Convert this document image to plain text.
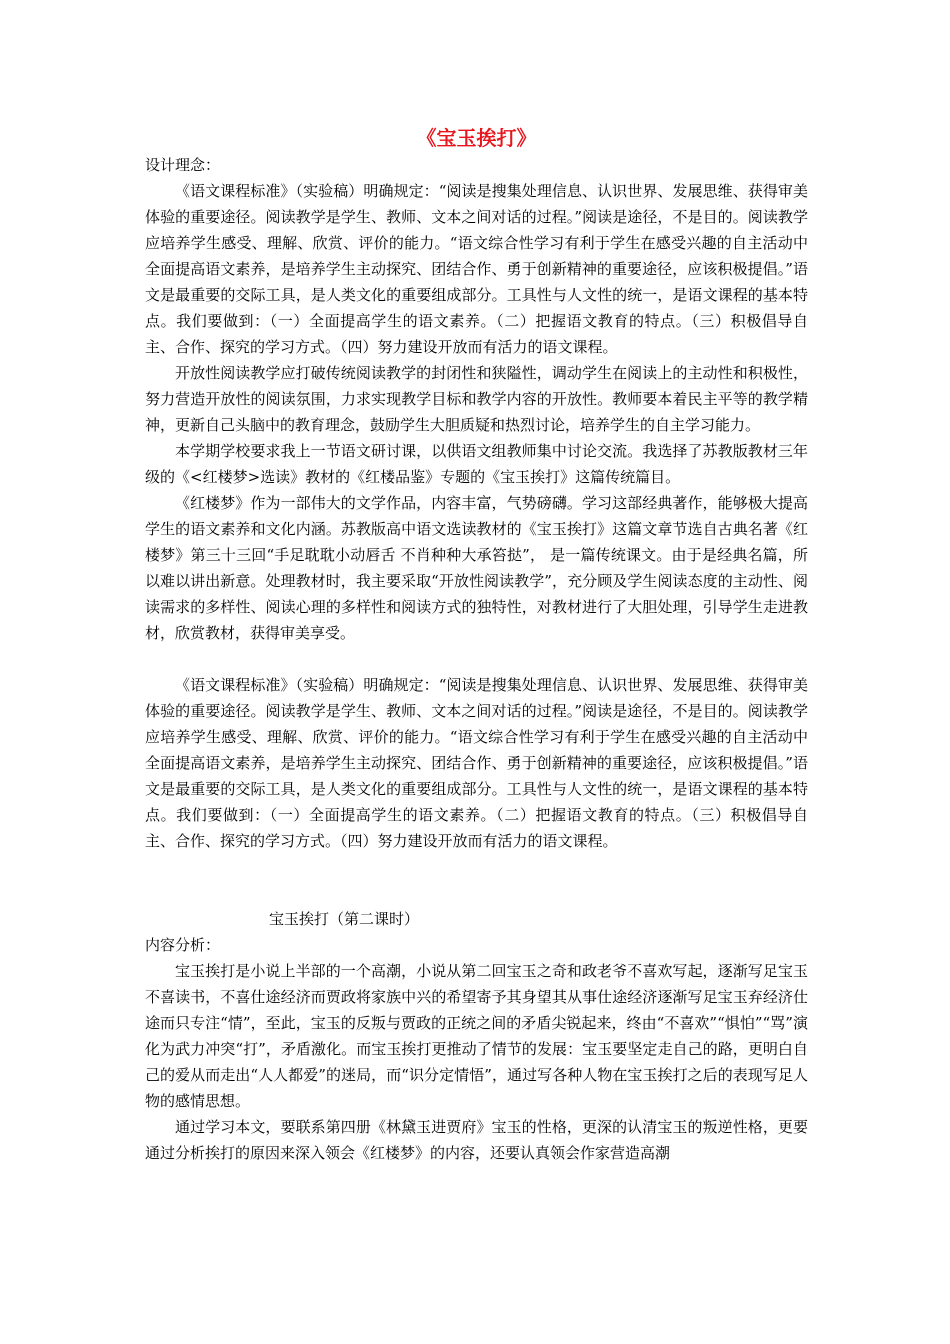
《宝玉挨打》

设计理念：

《语文课程标准》（实验稿）明确规定：“阅读是搜集处理信息、认识世界、发展思维、获得审美体验的重要途径。阅读教学是学生、教师、文本之间对话的过程。”阅读是途径，不是目的。阅读教学应培养学生感受、理解、欣赏、评价的能力。“语文综合性学习有利于学生在感受兴趣的自主活动中全面提高语文素养，是培养学生主动探究、团结合作、勇于创新精神的重要途径，应该积极提倡。”语文是最重要的交际工具，是人类文化的重要组成部分。工具性与人文性的统一，是语文课程的基本特点。我们要做到：（一）全面提高学生的语文素养。（二）把握语文教育的特点。（三）积极倡导自主、合作、探究的学习方式。（四）努力建设开放而有活力的语文课程。

开放性阅读教学应打破传统阅读教学的封闭性和狭隘性，调动学生在阅读上的主动性和积极性，努力营造开放性的阅读氛围，力求实现教学目标和教学内容的开放性。教师要本着民主平等的教学精神，更新自己头脑中的教育理念，鼓励学生大胆质疑和热烈讨论，培养学生的自主学习能力。

本学期学校要求我上一节语文研讨课，以供语文组教师集中讨论交流。我选择了苏教版教材三年级的《<红楼梦>选读》教材的《红楼品鉴》专题的《宝玉挨打》这篇传统篇目。

《红楼梦》作为一部伟大的文学作品，内容丰富，气势磅礴。学习这部经典著作，能够极大提高学生的语文素养和文化内涵。苏教版高中语文选读教材的《宝玉挨打》这篇文章节选自古典名著《红楼梦》第三十三回“手足耽耽小动唇舌 不肖种种大承笞挞”， 是一篇传统课文。由于是经典名篇，所以难以讲出新意。处理教材时，我主要采取“开放性阅读教学”，充分顾及学生阅读态度的主动性、阅读需求的多样性、阅读心理的多样性和阅读方式的独特性，对教材进行了大胆处理，引导学生走进教材，欣赏教材，获得审美享受。

《语文课程标准》（实验稿）明确规定：“阅读是搜集处理信息、认识世界、发展思维、获得审美体验的重要途径。阅读教学是学生、教师、文本之间对话的过程。”阅读是途径，不是目的。阅读教学应培养学生感受、理解、欣赏、评价的能力。“语文综合性学习有利于学生在感受兴趣的自主活动中全面提高语文素养，是培养学生主动探究、团结合作、勇于创新精神的重要途径，应该积极提倡。”语文是最重要的交际工具，是人类文化的重要组成部分。工具性与人文性的统一，是语文课程的基本特点。我们要做到：（一）全面提高学生的语文素养。（二）把握语文教育的特点。（三）积极倡导自主、合作、探究的学习方式。（四）努力建设开放而有活力的语文课程。

宝玉挨打（第二课时）

内容分析：

宝玉挨打是小说上半部的一个高潮，小说从第二回宝玉之奇和政老爷不喜欢写起，逐渐写足宝玉不喜读书，不喜仕途经济而贾政将家族中兴的希望寄予其身望其从事仕途经济逐渐写足宝玉弃经济仕途而只专注“情”，至此，宝玉的反叛与贾政的正统之间的矛盾尖锐起来，终由“不喜欢”“惧怕”“骂”演化为武力冲突“打”，矛盾激化。而宝玉挨打更推动了情节的发展：宝玉要坚定走自己的路，更明白自己的爱从而走出“人人都爱”的迷局，而“识分定情悟”，通过写各种人物在宝玉挨打之后的表现写足人物的感情思想。

通过学习本文，要联系第四册《林黛玉进贾府》宝玉的性格，更深的认清宝玉的叛逆性格，更要通过分析挨打的原因来深入领会《红楼梦》的内容，还要认真领会作家营造高潮
